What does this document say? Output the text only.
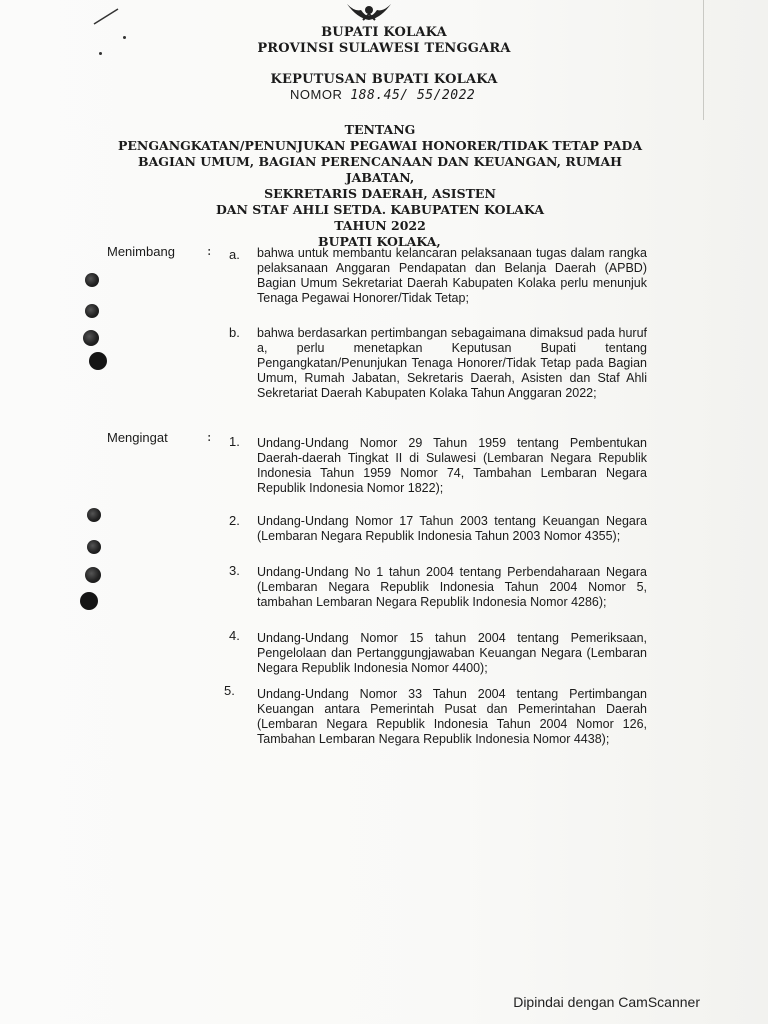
BUPATI KOLAKA
PROVINSI SULAWESI TENGGARA
KEPUTUSAN BUPATI KOLAKA
NOMOR 188.45/ 55/2022
TENTANG
PENGANGKATAN/PENUNJUKAN PEGAWAI HONORER/TIDAK TETAP PADA
BAGIAN UMUM, BAGIAN PERENCANAAN DAN KEUANGAN, RUMAH JABATAN,
SEKRETARIS DAERAH, ASISTEN
DAN STAF AHLI SETDA. KABUPATEN KOLAKA
TAHUN 2022
BUPATI KOLAKA,
Menimbang : a. bahwa untuk membantu kelancaran pelaksanaan tugas dalam rangka pelaksanaan Anggaran Pendapatan dan Belanja Daerah (APBD) Bagian Umum Sekretariat Daerah Kabupaten Kolaka perlu menunjuk Tenaga Pegawai Honorer/Tidak Tetap;
b. bahwa berdasarkan pertimbangan sebagaimana dimaksud pada huruf a, perlu menetapkan Keputusan Bupati tentang Pengangkatan/Penunjukan Tenaga Honorer/Tidak Tetap pada Bagian Umum, Rumah Jabatan, Sekretaris Daerah, Asisten dan Staf Ahli Sekretariat Daerah Kabupaten Kolaka Tahun Anggaran 2022;
Mengingat	: 1. Undang-Undang Nomor 29 Tahun 1959 tentang Pembentukan Daerah-daerah Tingkat II di Sulawesi (Lembaran Negara Republik Indonesia Tahun 1959 Nomor 74, Tambahan Lembaran Negara Republik Indonesia Nomor 1822);
2. Undang-Undang Nomor 17 Tahun 2003 tentang Keuangan Negara (Lembaran Negara Republik Indonesia Tahun 2003 Nomor 4355);
3. Undang-Undang No 1 tahun 2004 tentang Perbendaharaan Negara (Lembaran Negara Republik Indonesia Tahun 2004 Nomor 5, tambahan Lembaran Negara Republik Indonesia Nomor 4286);
4. Undang-Undang Nomor 15 tahun 2004 tentang Pemeriksaan, Pengelolaan dan Pertanggungjawaban Keuangan Negara (Lembaran Negara Republik Indonesia Nomor 4400);
5. Undang-Undang Nomor 33 Tahun 2004 tentang Pertimbangan Keuangan antara Pemerintah Pusat dan Pemerintahan Daerah (Lembaran Negara Republik Indonesia Tahun 2004 Nomor 126, Tambahan Lembaran Negara Republik Indonesia Nomor 4438);
Dipindai dengan CamScanner
